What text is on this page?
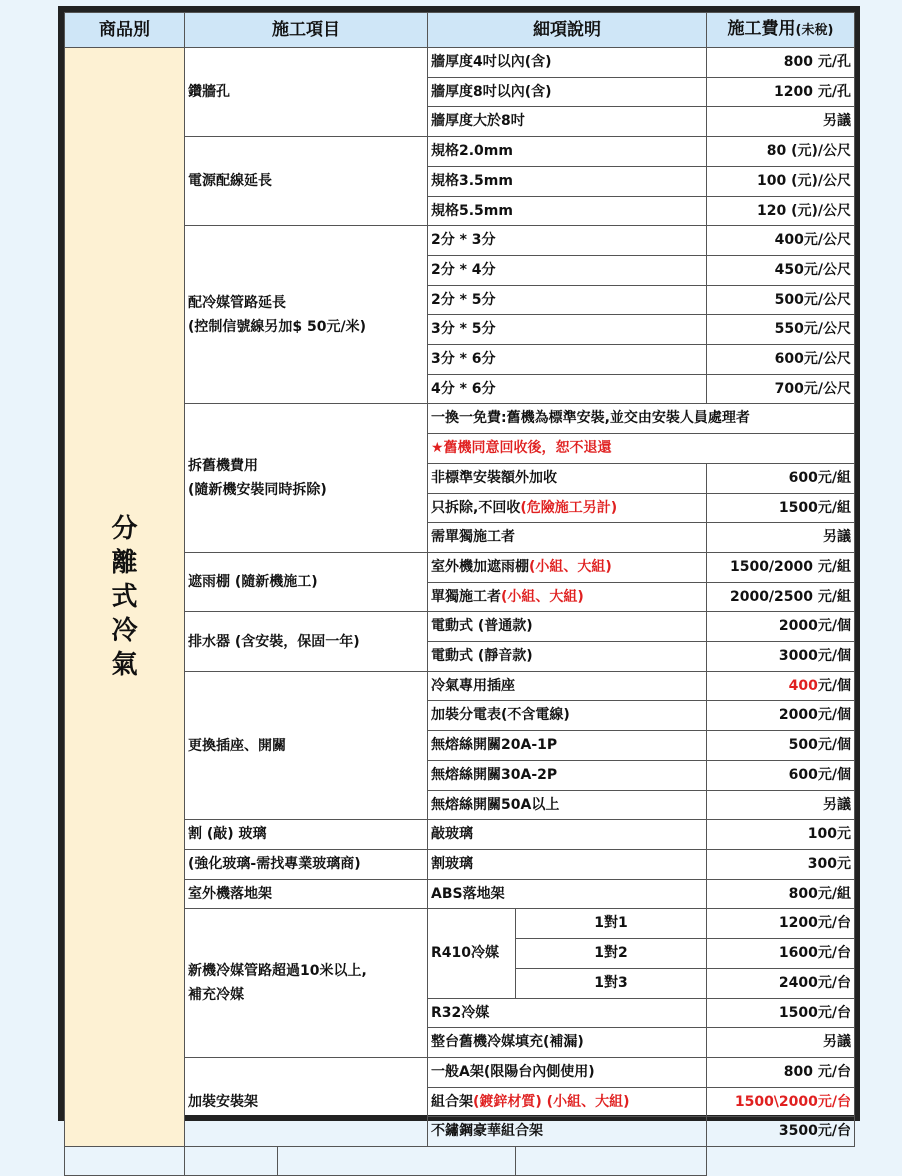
商品別	施工項目		細項說明		施工費用(未稅)
分離式冷氣	鑽牆孔		牆厚度4吋以內(含)		800 元/孔
			牆厚度8吋以內(含)		1200 元/孔
			牆厚度大於8吋		另議
	電源配線延長		規格2.0mm		80 (元)/公尺
			規格3.5mm		100 (元)/公尺
			規格5.5mm		120 (元)/公尺

	配冷媒管路延長
(控制信號線另加$ 50元/米)		2分 * 3分		400元/公尺
			2分 * 4分		450元/公尺
			2分 * 5分		500元/公尺
			3分 * 5分		550元/公尺
			3分 * 6分		600元/公尺
			4分 * 6分		700元/公尺

	拆舊機費用
(隨新機安裝同時拆除)		一換一免費:舊機為標準安裝,並交由安裝人員處理者		
			★舊機同意回收後，恕不退還		
			非標準安裝額外加收		600元/組
			只拆除,不回收(危險施工另計)		1500元/組
			需單獨施工者		另議
	遮雨棚 (隨新機施工)		室外機加遮雨棚(小組、大組)		1500/2000 元/組
			單獨施工者(小組、大組)		2000/2500 元/組
	排水器 (含安裝，保固一年)		電動式 (普通款)		2000元/個
			電動式 (靜音款)		3000元/個
	更換插座、開關		冷氣專用插座		400元/個
			加裝分電表(不含電線)		2000元/個
			無熔絲開關20A-1P		500元/個
			無熔絲開關30A-2P		600元/個
			無熔絲開關50A以上		另議
	割 (敲) 玻璃		敲玻璃		100元
	(強化玻璃-需找專業玻璃商)		割玻璃		300元
	室外機落地架		ABS落地架		800元/組

	新機冷媒管路超過10米以上,
補充冷媒		R410冷媒	1對1	1200元/台
				1對2	1600元/台
				1對3	2400元/台
			R32冷媒		1500元/台
			整台舊機冷媒填充(補漏)		另議
	加裝安裝架		一般A架(限陽台內側使用)		800 元/台
			組合架(鍍鋅材質) (小組、大組)		1500\2000元/台
			不鏽鋼豪華組合架		3500元/台
